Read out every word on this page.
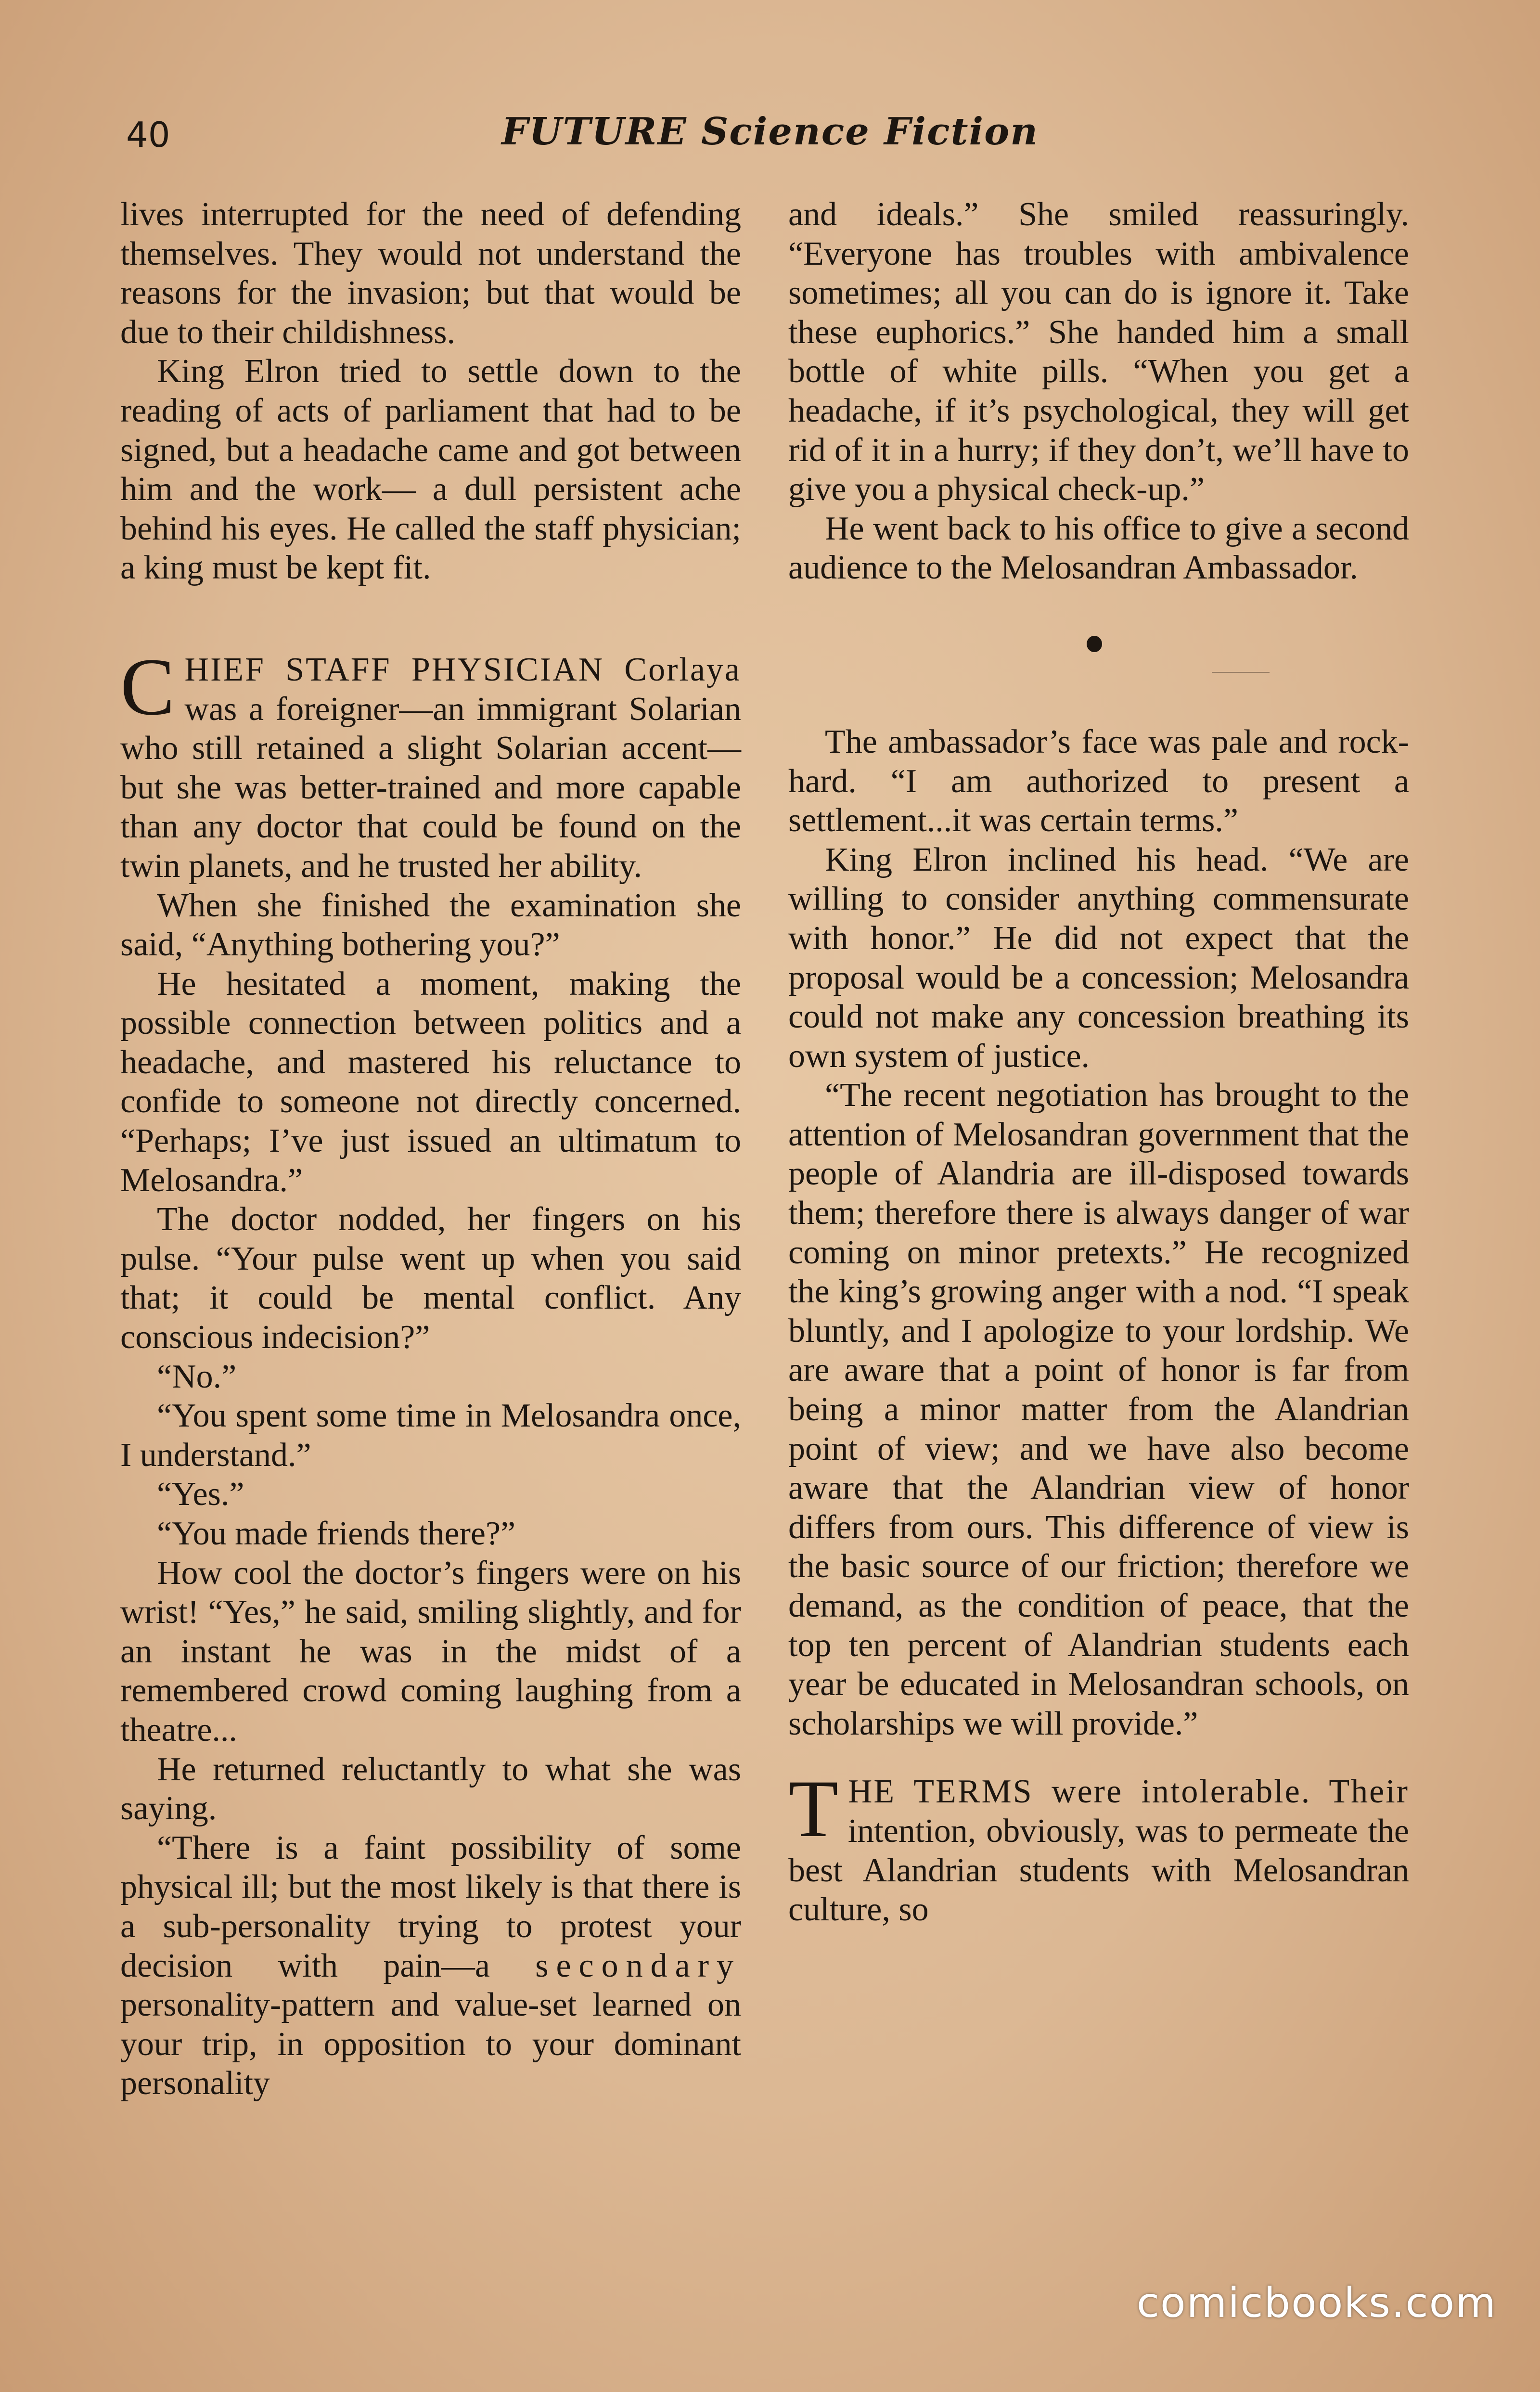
40	FUTURE Science Fiction

lives interrupted for the need of defending themselves. They would not understand the reasons for the invasion; but that would be due to their childishness.

King Elron tried to settle down to the reading of acts of parliament that had to be signed, but a headache came and got between him and the work— a dull persistent ache behind his eyes. He called the staff physician; a king must be kept fit.

CHIEF STAFF PHYSICIAN Corlaya was a foreigner—an immigrant Solarian who still retained a slight Solarian accent—but she was better-trained and more capable than any doctor that could be found on the twin planets, and he trusted her ability.

When she finished the examination she said, “Anything bothering you?”

He hesitated a moment, making the possible connection between politics and a headache, and mastered his reluctance to confide to someone not directly concerned. “Perhaps; I’ve just issued an ultimatum to Melosandra.”

The doctor nodded, her fingers on his pulse. “Your pulse went up when you said that; it could be mental conflict. Any conscious indecision?”

“No.”

“You spent some time in Melosandra once, I understand.”

“Yes.”

“You made friends there?”

How cool the doctor’s fingers were on his wrist! “Yes,” he said, smiling slightly, and for an instant he was in the midst of a remembered crowd coming laughing from a theatre...

He returned reluctantly to what she was saying.

“There is a faint possibility of some physical ill; but the most likely is that there is a sub-personality trying to protest your decision with pain—a secondary personality-pattern and value-set learned on your trip, in opposition to your dominant personality

and ideals.” She smiled reassuringly. “Everyone has troubles with ambivalence sometimes; all you can do is ignore it. Take these euphorics.” She handed him a small bottle of white pills. “When you get a headache, if it’s psychological, they will get rid of it in a hurry; if they don’t, we’ll have to give you a physical check-up.”

He went back to his office to give a second audience to the Melosandran Ambassador.

The ambassador’s face was pale and rock-hard. “I am authorized to present a settlement...it was certain terms.”

King Elron inclined his head. “We are willing to consider anything commensurate with honor.” He did not expect that the proposal would be a concession; Melosandra could not make any concession breathing its own system of justice.

“The recent negotiation has brought to the attention of Melosandran government that the people of Alandria are ill-disposed towards them; therefore there is always danger of war coming on minor pretexts.” He recognized the king’s growing anger with a nod. “I speak bluntly, and I apologize to your lordship. We are aware that a point of honor is far from being a minor matter from the Alandrian point of view; and we have also become aware that the Alandrian view of honor differs from ours. This difference of view is the basic source of our friction; therefore we demand, as the condition of peace, that the top ten percent of Alandrian students each year be educated in Melosandran schools, on scholarships we will provide.”

THE TERMS were intolerable. Their intention, obviously, was to permeate the best Alandrian students with Melosandran culture, so

comicbooks.com
